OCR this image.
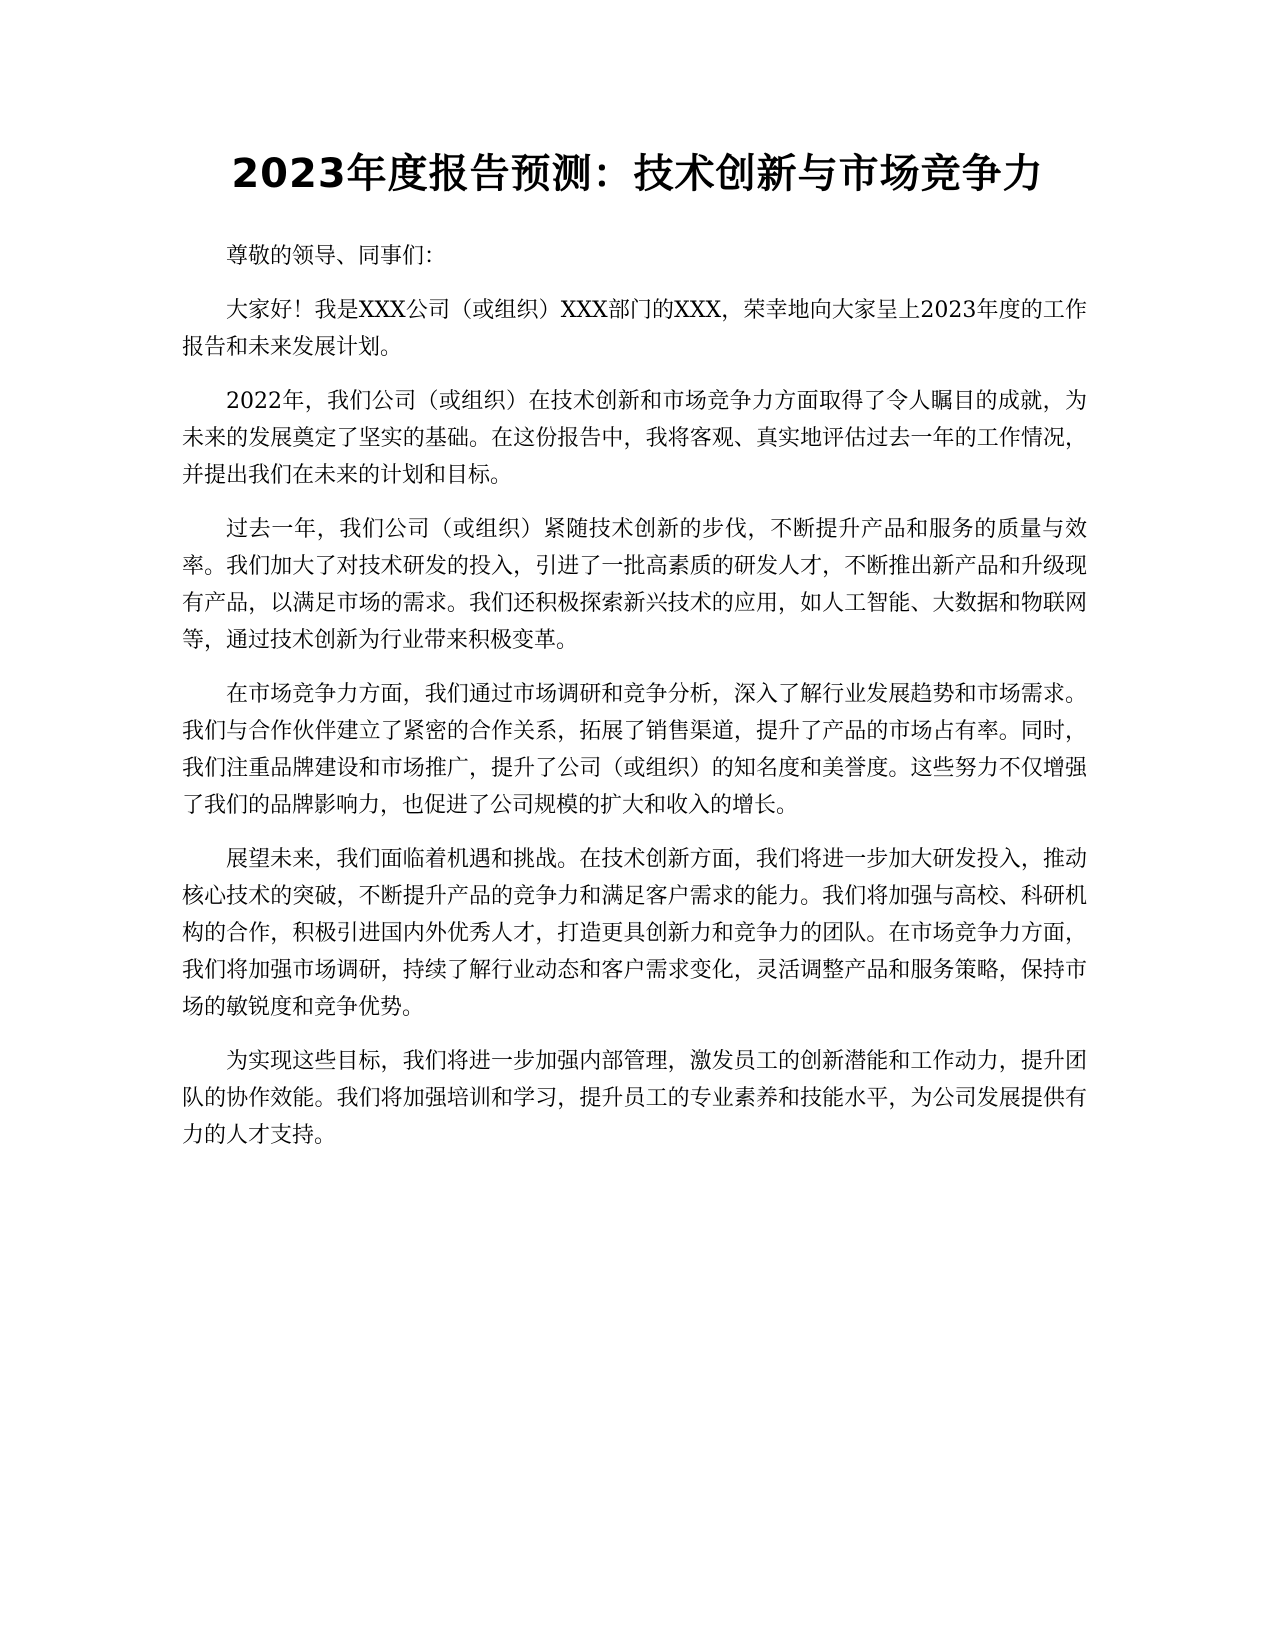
2023年度报告预测：技术创新与市场竞争力

尊敬的领导、同事们：

大家好！我是XXX公司（或组织）XXX部门的XXX，荣幸地向大家呈上2023年度的工作报告和未来发展计划。

2022年，我们公司（或组织）在技术创新和市场竞争力方面取得了令人瞩目的成就，为未来的发展奠定了坚实的基础。在这份报告中，我将客观、真实地评估过去一年的工作情况，并提出我们在未来的计划和目标。

过去一年，我们公司（或组织）紧随技术创新的步伐，不断提升产品和服务的质量与效率。我们加大了对技术研发的投入，引进了一批高素质的研发人才，不断推出新产品和升级现有产品，以满足市场的需求。我们还积极探索新兴技术的应用，如人工智能、大数据和物联网等，通过技术创新为行业带来积极变革。

在市场竞争力方面，我们通过市场调研和竞争分析，深入了解行业发展趋势和市场需求。我们与合作伙伴建立了紧密的合作关系，拓展了销售渠道，提升了产品的市场占有率。同时，我们注重品牌建设和市场推广，提升了公司（或组织）的知名度和美誉度。这些努力不仅增强了我们的品牌影响力，也促进了公司规模的扩大和收入的增长。

展望未来，我们面临着机遇和挑战。在技术创新方面，我们将进一步加大研发投入，推动核心技术的突破，不断提升产品的竞争力和满足客户需求的能力。我们将加强与高校、科研机构的合作，积极引进国内外优秀人才，打造更具创新力和竞争力的团队。在市场竞争力方面，我们将加强市场调研，持续了解行业动态和客户需求变化，灵活调整产品和服务策略，保持市场的敏锐度和竞争优势。

为实现这些目标，我们将进一步加强内部管理，激发员工的创新潜能和工作动力，提升团队的协作效能。我们将加强培训和学习，提升员工的专业素养和技能水平，为公司发展提供有力的人才支持。
